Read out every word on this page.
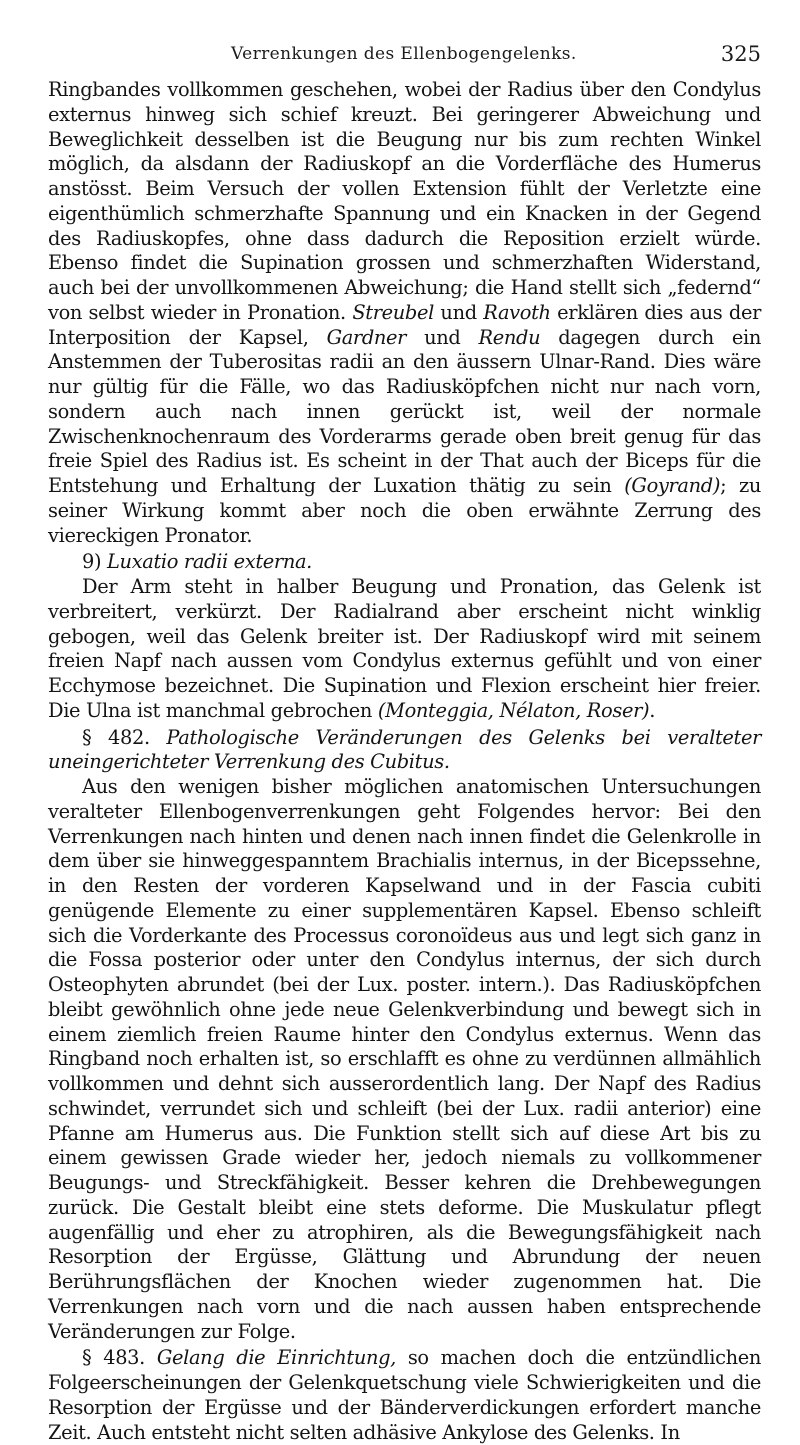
Verrenkungen des Ellenbogengelenks.	325

Ringbandes vollkommen geschehen, wobei der Radius über den Condylus externus hinweg sich schief kreuzt. Bei geringerer Abweichung und Beweglichkeit desselben ist die Beugung nur bis zum rechten Winkel möglich, da alsdann der Radiuskopf an die Vorderfläche des Humerus anstösst. Beim Versuch der vollen Extension fühlt der Verletzte eine eigenthümlich schmerzhafte Spannung und ein Knacken in der Gegend des Radiuskopfes, ohne dass dadurch die Reposition erzielt würde. Ebenso findet die Supination grossen und schmerzhaften Widerstand, auch bei der unvollkommenen Abweichung; die Hand stellt sich „federnd“ von selbst wieder in Pronation. Streubel und Ravoth erklären dies aus der Interposition der Kapsel, Gardner und Rendu dagegen durch ein Anstemmen der Tuberositas radii an den äussern Ulnar-Rand. Dies wäre nur gültig für die Fälle, wo das Radiusköpfchen nicht nur nach vorn, sondern auch nach innen gerückt ist, weil der normale Zwischenknochenraum des Vorderarms gerade oben breit genug für das freie Spiel des Radius ist. Es scheint in der That auch der Biceps für die Entstehung und Erhaltung der Luxation thätig zu sein (Goyrand); zu seiner Wirkung kommt aber noch die oben erwähnte Zerrung des viereckigen Pronator.

9) Luxatio radii externa.

Der Arm steht in halber Beugung und Pronation, das Gelenk ist verbreitert, verkürzt. Der Radialrand aber erscheint nicht winklig gebogen, weil das Gelenk breiter ist. Der Radiuskopf wird mit seinem freien Napf nach aussen vom Condylus externus gefühlt und von einer Ecchymose bezeichnet. Die Supination und Flexion erscheint hier freier. Die Ulna ist manchmal gebrochen (Monteggia, Nélaton, Roser).

§ 482. Pathologische Veränderungen des Gelenks bei veralteter uneingerichteter Verrenkung des Cubitus.

Aus den wenigen bisher möglichen anatomischen Untersuchungen veralteter Ellenbogenverrenkungen geht Folgendes hervor: Bei den Verrenkungen nach hinten und denen nach innen findet die Gelenkrolle in dem über sie hinweggespanntem Brachialis internus, in der Bicepssehne, in den Resten der vorderen Kapselwand und in der Fascia cubiti genügende Elemente zu einer supplementären Kapsel. Ebenso schleift sich die Vorderkante des Processus coronoïdeus aus und legt sich ganz in die Fossa posterior oder unter den Condylus internus, der sich durch Osteophyten abrundet (bei der Lux. poster. intern.). Das Radiusköpfchen bleibt gewöhnlich ohne jede neue Gelenkverbindung und bewegt sich in einem ziemlich freien Raume hinter den Condylus externus. Wenn das Ringband noch erhalten ist, so erschlafft es ohne zu verdünnen allmählich vollkommen und dehnt sich ausserordentlich lang. Der Napf des Radius schwindet, verrundet sich und schleift (bei der Lux. radii anterior) eine Pfanne am Humerus aus. Die Funktion stellt sich auf diese Art bis zu einem gewissen Grade wieder her, jedoch niemals zu vollkommener Beugungs- und Streckfähigkeit. Besser kehren die Drehbewegungen zurück. Die Gestalt bleibt eine stets deforme. Die Muskulatur pflegt augenfällig und eher zu atrophiren, als die Bewegungsfähigkeit nach Resorption der Ergüsse, Glättung und Abrundung der neuen Berührungsflächen der Knochen wieder zugenommen hat. Die Verrenkungen nach vorn und die nach aussen haben entsprechende Veränderungen zur Folge.

§ 483. Gelang die Einrichtung, so machen doch die entzündlichen Folgeerscheinungen der Gelenkquetschung viele Schwierigkeiten und die Resorption der Ergüsse und der Bänderverdickungen erfordert manche Zeit. Auch entsteht nicht selten adhäsive Ankylose des Gelenks. In
